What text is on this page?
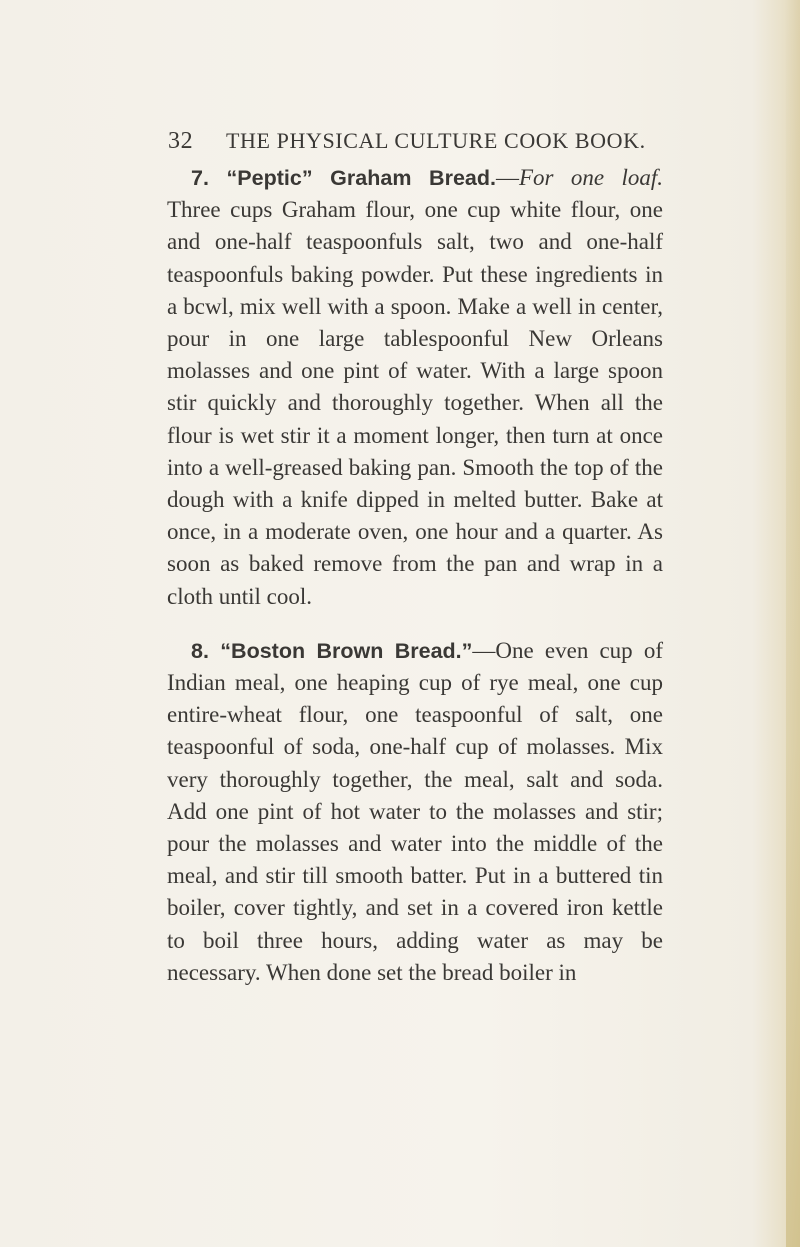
32 THE PHYSICAL CULTURE COOK BOOK.

7. “Peptic” Graham Bread.—For one loaf. Three cups Graham flour, one cup white flour, one and one-half teaspoonfuls salt, two and one-half teaspoonfuls baking powder. Put these ingredients in a bcwl, mix well with a spoon. Make a well in center, pour in one large tablespoonful New Orleans molasses and one pint of water. With a large spoon stir quickly and thoroughly together. When all the flour is wet stir it a moment longer, then turn at once into a well-greased baking pan. Smooth the top of the dough with a knife dipped in melted butter. Bake at once, in a moderate oven, one hour and a quarter. As soon as baked remove from the pan and wrap in a cloth until cool.

8. “Boston Brown Bread.”—One even cup of Indian meal, one heaping cup of rye meal, one cup entire-wheat flour, one teaspoonful of salt, one teaspoonful of soda, one-half cup of molasses. Mix very thoroughly together, the meal, salt and soda. Add one pint of hot water to the molasses and stir; pour the molasses and water into the middle of the meal, and stir till smooth batter. Put in a buttered tin boiler, cover tightly, and set in a covered iron kettle to boil three hours, adding water as may be necessary. When done set the bread boiler in
